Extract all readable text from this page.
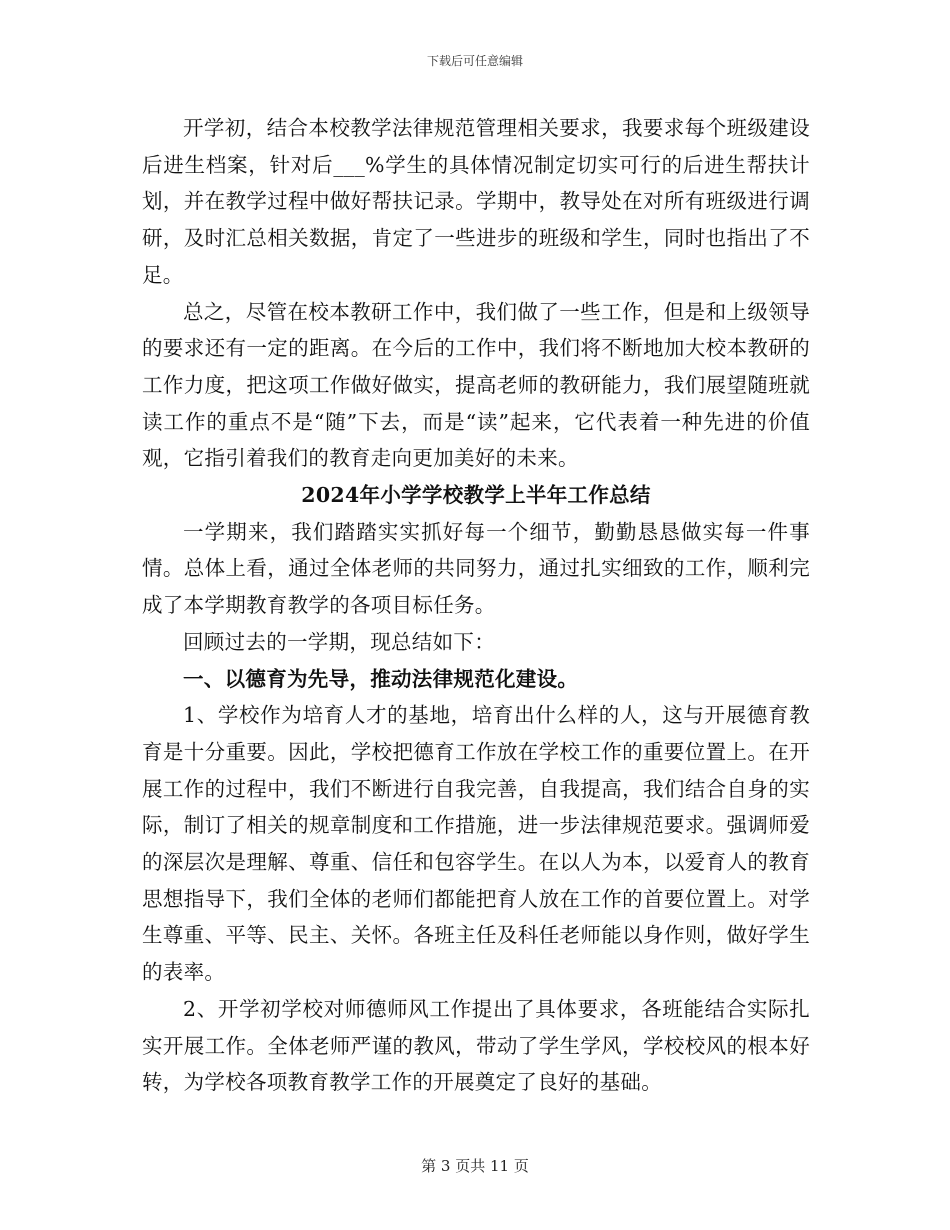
下载后可任意编辑

开学初，结合本校教学法律规范管理相关要求，我要求每个班级建设后进生档案，针对后___%学生的具体情况制定切实可行的后进生帮扶计划，并在教学过程中做好帮扶记录。学期中，教导处在对所有班级进行调研，及时汇总相关数据，肯定了一些进步的班级和学生，同时也指出了不足。

总之，尽管在校本教研工作中，我们做了一些工作，但是和上级领导的要求还有一定的距离。在今后的工作中，我们将不断地加大校本教研的工作力度，把这项工作做好做实，提高老师的教研能力，我们展望随班就读工作的重点不是“随”下去，而是“读”起来，它代表着一种先进的价值观，它指引着我们的教育走向更加美好的未来。

2024年小学学校教学上半年工作总结

一学期来，我们踏踏实实抓好每一个细节，勤勤恳恳做实每一件事情。总体上看，通过全体老师的共同努力，通过扎实细致的工作，顺利完成了本学期教育教学的各项目标任务。

回顾过去的一学期，现总结如下：

一、以德育为先导，推动法律规范化建设。

1、学校作为培育人才的基地，培育出什么样的人，这与开展德育教育是十分重要。因此，学校把德育工作放在学校工作的重要位置上。在开展工作的过程中，我们不断进行自我完善，自我提高，我们结合自身的实际，制订了相关的规章制度和工作措施，进一步法律规范要求。强调师爱的深层次是理解、尊重、信任和包容学生。在以人为本，以爱育人的教育思想指导下，我们全体的老师们都能把育人放在工作的首要位置上。对学生尊重、平等、民主、关怀。各班主任及科任老师能以身作则，做好学生的表率。

2、开学初学校对师德师风工作提出了具体要求，各班能结合实际扎实开展工作。全体老师严谨的教风，带动了学生学风，学校校风的根本好转，为学校各项教育教学工作的开展奠定了良好的基础。

第 3 页共 11 页
